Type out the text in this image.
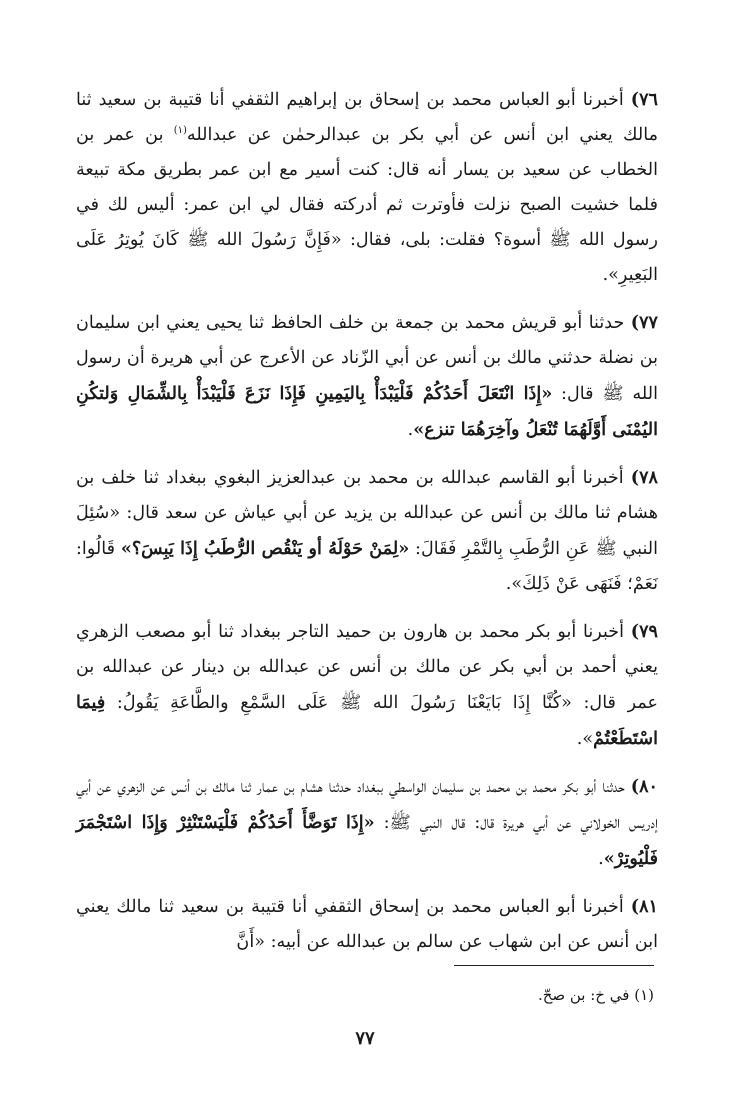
٧٦) أخبرنا أبو العباس محمد بن إسحاق بن إبراهيم الثقفي أنا قتيبة بن سعيد ثنا مالك يعني ابن أنس عن أبي بكر بن عبدالرحمٰن عن عبدالله$^{(١)}$ بن عمر بن الخطاب عن سعيد بن يسار أنه قال: كنت أسير مع ابن عمر بطريق مكة تبيعة فلما خشيت الصبح نزلت فأوترت ثم أدركته فقال لي ابن عمر: أليس لك في رسول الله ﷺ أسوة؟ فقلت: بلى، فقال: «فَإِنَّ رَسُولَ الله ﷺ كَانَ يُوتِرُ عَلَى البَعِيرِ».

٧٧) حدثنا أبو قريش محمد بن جمعة بن خلف الحافظ ثنا يحيى يعني ابن سليمان بن نضلة حدثني مالك بن أنس عن أبي الزّناد عن الأعرج عن أبي هريرة أن رسول الله ﷺ قال: «إِذَا انْتَعَلَ أَحَدُكُمْ فَلْيَبْدَأْ بِاليَمِينِ فَإِذَا نَزَعَ فَلْيَبْدَأْ بِالشِّمَالِ وَلتكُنِ اليُمْنَى أَوَّلَهُمَا تُنْعَلُ وآخِرَهُمَا تنزع».

٧٨) أخبرنا أبو القاسم عبدالله بن محمد بن عبدالعزيز البغوي ببغداد ثنا خلف بن هشام ثنا مالك بن أنس عن عبدالله بن يزيد عن أبي عياش عن سعد قال: «سُئِلَ النبي ﷺ عَنِ الرُّطَبِ بِالتَّمْرِ فَقَالَ: «لِمَنْ حَوْلَهُ أو يَنْقُص الرُّطَبُ إِذَا يَبِسَ؟» قَالُوا: نَعَمْ؛ فَنَهَى عَنْ ذَلِكَ».

٧٩) أخبرنا أبو بكر محمد بن هارون بن حميد التاجر ببغداد ثنا أبو مصعب الزهري يعني أحمد بن أبي بكر عن مالك بن أنس عن عبدالله بن دينار عن عبدالله بن عمر قال: «كُنَّا إِذَا بَايَعْنَا رَسُولَ الله ﷺ عَلَى السَّمْعِ والطَّاعَةِ يَقُولُ: فِيمَا اسْتَطَعْتُمْ».

٨٠) حدثنا أبو بكر محمد بن محمد بن سليمان الواسطي ببغداد حدثنا هشام بن عمار ثنا مالك بن أنس عن الزهري عن أبي إدريس الخولاني عن أبي هريرة قال: قال النبي ﷺ: «إِذَا تَوَضَّأَ أَحَدُكُمْ فَلْيَسْتَنْثِرْ وَإِذَا اسْتَجْمَرَ فَلْيُوتِرْ».

٨١) أخبرنا أبو العباس محمد بن إسحاق الثقفي أنا قتيبة بن سعيد ثنا مالك يعني ابن أنس عن ابن شهاب عن سالم بن عبدالله عن أبيه: «أَنَّ

(١) في خ: بن صحّ.
٧٧
